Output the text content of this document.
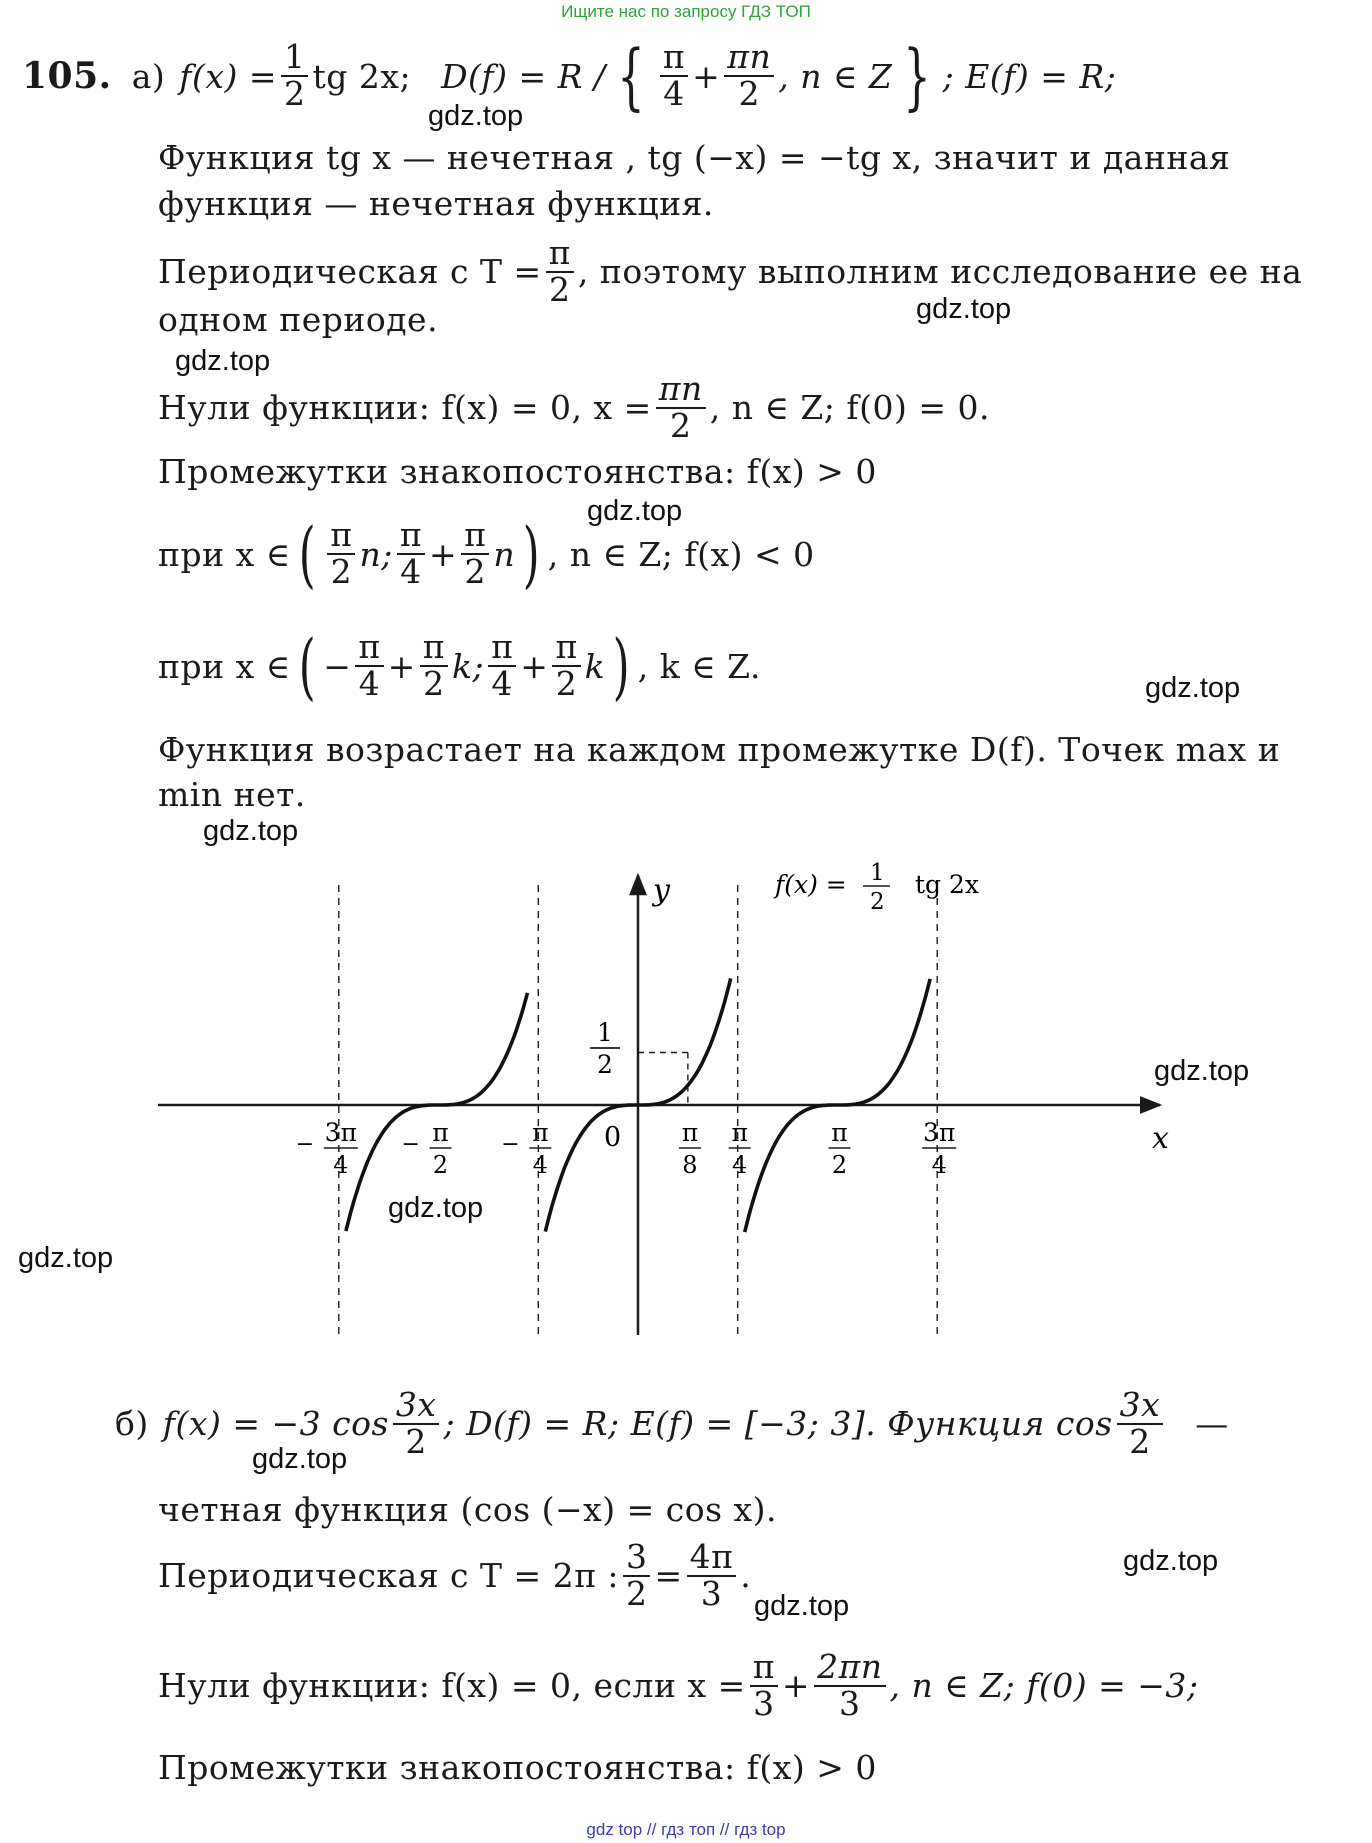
Ищите нас по запросу ГДЗ ТОП
gdz.top
gdz.top
gdz.top
gdz.top
gdz.top
gdz.top
gdz.top
gdz.top
gdz.top
gdz.top
gdz.top
gdz.top
105. а) $f(x) = \frac{1}{2}$ tg 2x; D(f) = R / { $\frac{\pi}{4} + \frac{\pi n}{2}$ , n ∈ Z } ; E(f) = R;
Функция tg x — нечетная , tg (−x) = −tg x, значит и данная
функция — нечетная функция.
Периодическая с $T = \frac{\pi}{2}$ , поэтому выполним исследование ее на
одном периоде.
Нули функции: f(x) = 0, $x = \frac{\pi n}{2}$ , n ∈ Z; f(0) = 0.
Промежутки знакопостоянства: f(x) > 0
при x ∈ ( $\frac{\pi}{2} n$; $\frac{\pi}{4} + \frac{\pi}{2}$ n ) , n ∈ Z; f(x) < 0
при x ∈ ( − $\frac{\pi}{4} + \frac{\pi}{2} k$; $\frac{\pi}{4} + \frac{\pi}{2}$ k ) , k ∈ Z.
Функция возрастает на каждом промежутке D(f). Точек max и
min нет.
− 3π
4
− π
2
− π
4
π
8
π
4
π
2
3π
4
y
x
0
1
2
f(x) = 1
2
tg 2x
б) f(x) = −3 $\cos \frac{3x}{2}$ ; D(f) = R; E(f) = [−3; 3]. Функция $\cos \frac{3x}{2}$ —
четная функция (cos (−x) = cos x).
Периодическая с T = 2π : $\frac{3}{2} = \frac{4\pi}{3}$ .
Нули функции: f(x) = 0, если $x = \frac{\pi}{3} + \frac{2\pi n}{3}$ , n ∈ Z; f(0) = −3;
Промежутки знакопостоянства: f(x) > 0
gdz top // гдз топ // гдз top
